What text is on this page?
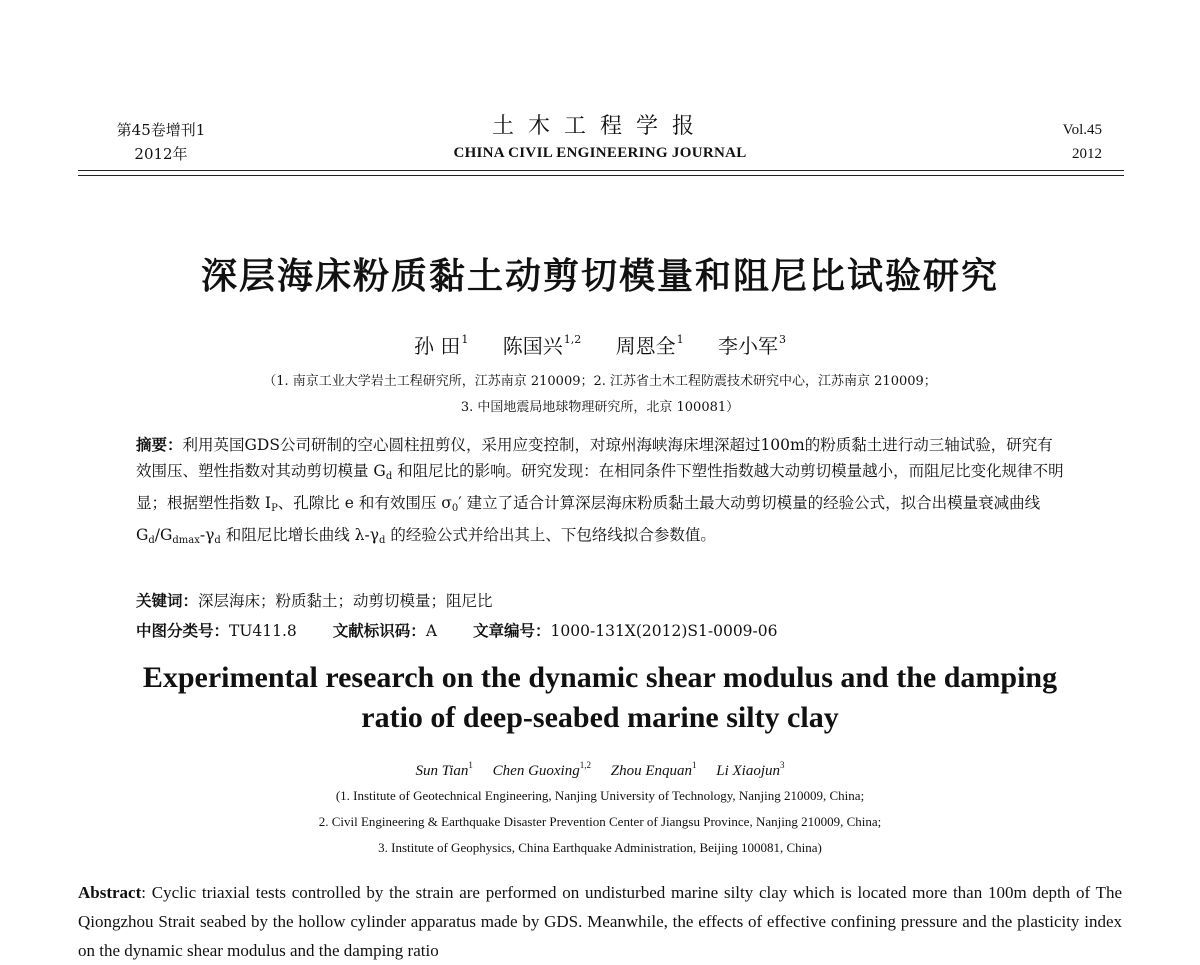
第45卷增刊1
2012年
土木工程学报
CHINA CIVIL ENGINEERING JOURNAL
Vol.45
2012
深层海床粉质黏土动剪切模量和阻尼比试验研究
孙 田$^1$ 陈国兴$^{1,2}$ 周恩全$^1$ 李小军$^3$
（1. 南京工业大学岩土工程研究所，江苏南京 210009；2. 江苏省土木工程防震技术研究中心，江苏南京 210009；
3. 中国地震局地球物理研究所，北京 100081）
摘要：利用英国GDS公司研制的空心圆柱扭剪仪，采用应变控制，对琼州海峡海床埋深超过100m的粉质黏土进行动三轴试验，研究有效围压、塑性指数对其动剪切模量 $G_d$ 和阻尼比的影响。研究发现：在相同条件下塑性指数越大动剪切模量越小，而阻尼比变化规律不明显；根据塑性指数 $I_P$、孔隙比 e 和有效围压 $\sigma_0'$ 建立了适合计算深层海床粉质黏土最大动剪切模量的经验公式，拟合出模量衰减曲线 $G_d/G_{dmax}-\gamma_d$ 和阻尼比增长曲线 $\lambda-\gamma_d$ 的经验公式并给出其上、下包络线拟合参数值。
关键词：深层海床；粉质黏土；动剪切模量；阻尼比
中图分类号：TU411.8 文献标识码：A 文章编号：1000-131X(2012)S1-0009-06
Experimental research on the dynamic shear modulus and the damping
ratio of deep-seabed marine silty clay
Sun Tian$^1$ Chen Guoxing$^{1,2}$ Zhou Enquan$^1$ Li Xiaojun$^3$
(1. Institute of Geotechnical Engineering, Nanjing University of Technology, Nanjing 210009, China;
2. Civil Engineering & Earthquake Disaster Prevention Center of Jiangsu Province, Nanjing 210009, China;
3. Institute of Geophysics, China Earthquake Administration, Beijing 100081, China)
Abstract: Cyclic triaxial tests controlled by the strain are performed on undisturbed marine silty clay which is located more than 100m depth of The Qiongzhou Strait seabed by the hollow cylinder apparatus made by GDS. Meanwhile, the effects of effective confining pressure and the plasticity index on the dynamic shear modulus and the damping ratio
